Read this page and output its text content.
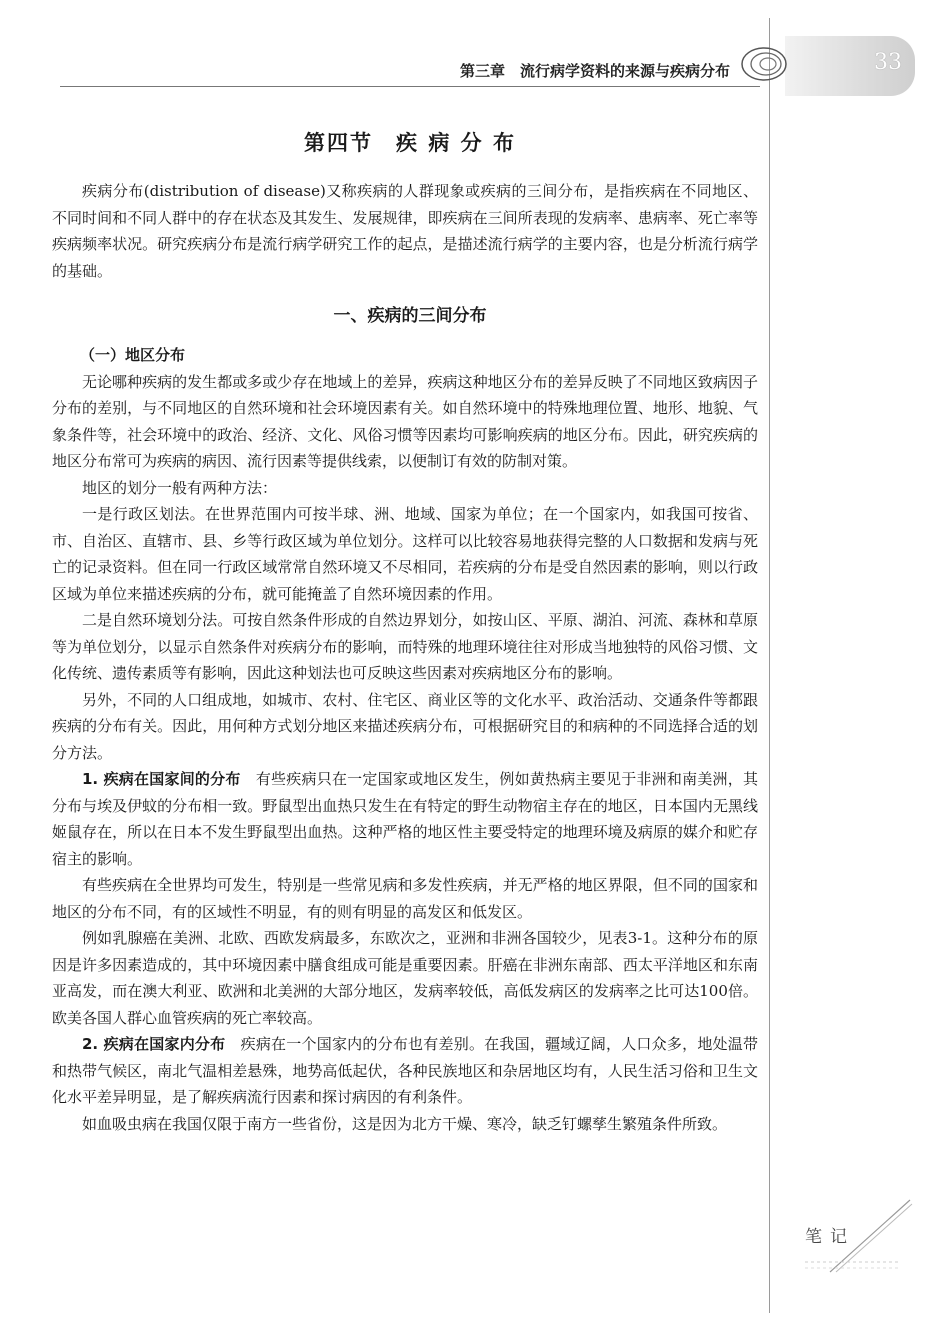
33
第三章　流行病学资料的来源与疾病分布
第四节　疾 病 分 布

疾病分布(distribution of disease)又称疾病的人群现象或疾病的三间分布，是指疾病在不同地区、不同时间和不同人群中的存在状态及其发生、发展规律，即疾病在三间所表现的发病率、患病率、死亡率等疾病频率状况。研究疾病分布是流行病学研究工作的起点，是描述流行病学的主要内容，也是分析流行病学的基础。

一、疾病的三间分布
（一）地区分布

无论哪种疾病的发生都或多或少存在地域上的差异，疾病这种地区分布的差异反映了不同地区致病因子分布的差别，与不同地区的自然环境和社会环境因素有关。如自然环境中的特殊地理位置、地形、地貌、气象条件等，社会环境中的政治、经济、文化、风俗习惯等因素均可影响疾病的地区分布。因此，研究疾病的地区分布常可为疾病的病因、流行因素等提供线索，以便制订有效的防制对策。

地区的划分一般有两种方法：

一是行政区划法。在世界范围内可按半球、洲、地域、国家为单位；在一个国家内，如我国可按省、市、自治区、直辖市、县、乡等行政区域为单位划分。这样可以比较容易地获得完整的人口数据和发病与死亡的记录资料。但在同一行政区域常常自然环境又不尽相同，若疾病的分布是受自然因素的影响，则以行政区域为单位来描述疾病的分布，就可能掩盖了自然环境因素的作用。

二是自然环境划分法。可按自然条件形成的自然边界划分，如按山区、平原、湖泊、河流、森林和草原等为单位划分，以显示自然条件对疾病分布的影响，而特殊的地理环境往往对形成当地独特的风俗习惯、文化传统、遗传素质等有影响，因此这种划法也可反映这些因素对疾病地区分布的影响。

另外，不同的人口组成地，如城市、农村、住宅区、商业区等的文化水平、政治活动、交通条件等都跟疾病的分布有关。因此，用何种方式划分地区来描述疾病分布，可根据研究目的和病种的不同选择合适的划分方法。

1. 疾病在国家间的分布　有些疾病只在一定国家或地区发生，例如黄热病主要见于非洲和南美洲，其分布与埃及伊蚊的分布相一致。野鼠型出血热只发生在有特定的野生动物宿主存在的地区，日本国内无黑线姬鼠存在，所以在日本不发生野鼠型出血热。这种严格的地区性主要受特定的地理环境及病原的媒介和贮存宿主的影响。

有些疾病在全世界均可发生，特别是一些常见病和多发性疾病，并无严格的地区界限，但不同的国家和地区的分布不同，有的区域性不明显，有的则有明显的高发区和低发区。

例如乳腺癌在美洲、北欧、西欧发病最多，东欧次之，亚洲和非洲各国较少，见表3-1。这种分布的原因是许多因素造成的，其中环境因素中膳食组成可能是重要因素。肝癌在非洲东南部、西太平洋地区和东南亚高发，而在澳大利亚、欧洲和北美洲的大部分地区，发病率较低，高低发病区的发病率之比可达100倍。欧美各国人群心血管疾病的死亡率较高。

2. 疾病在国家内分布　疾病在一个国家内的分布也有差别。在我国，疆域辽阔，人口众多，地处温带和热带气候区，南北气温相差悬殊，地势高低起伏，各种民族地区和杂居地区均有，人民生活习俗和卫生文化水平差异明显，是了解疾病流行因素和探讨病因的有利条件。

如血吸虫病在我国仅限于南方一些省份，这是因为北方干燥、寒冷，缺乏钉螺孳生繁殖条件所致。

笔记
